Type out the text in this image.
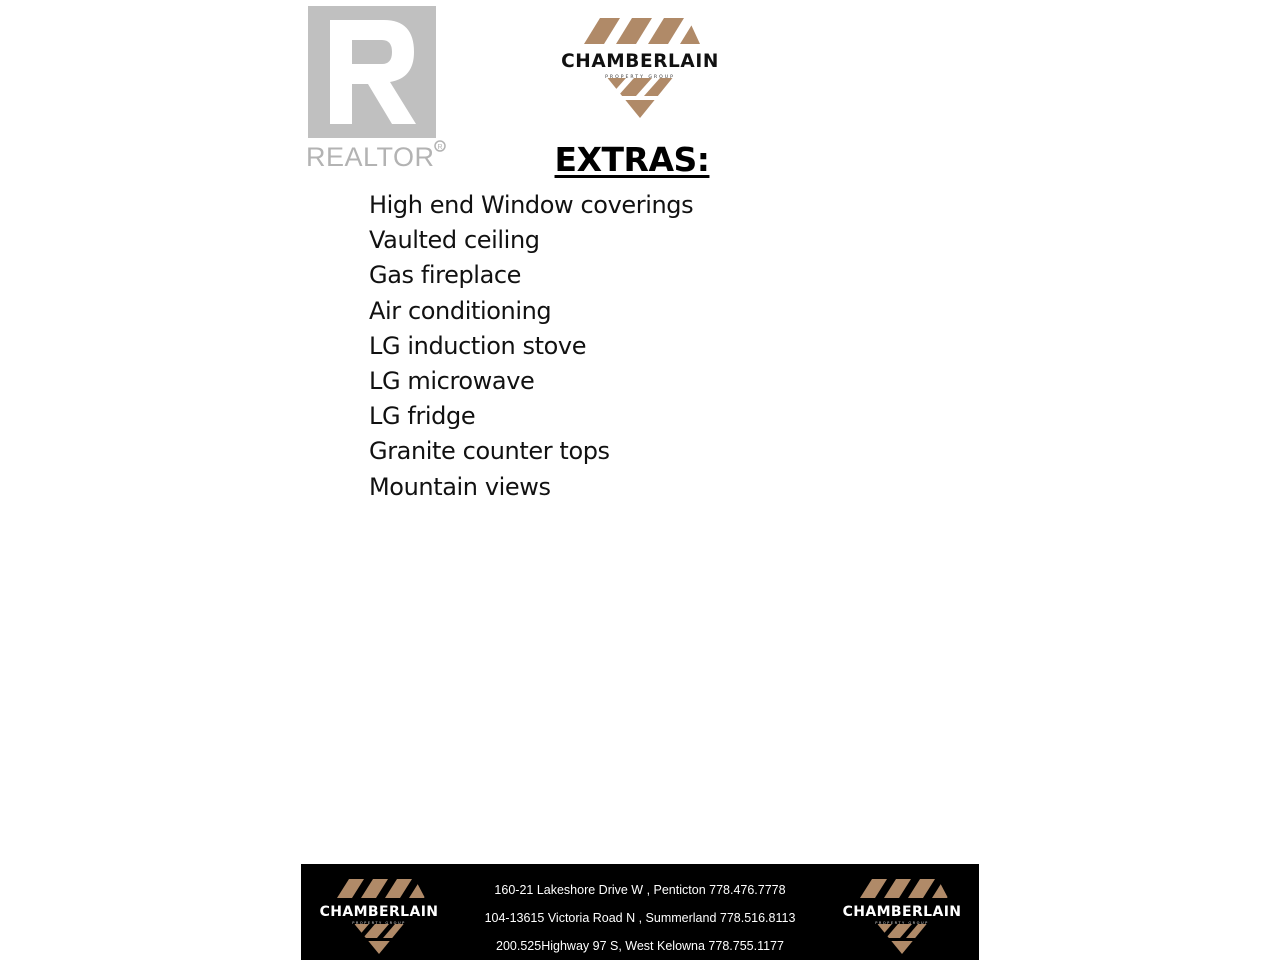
REALTOR R
CHAMBERLAIN
PROPERTY GROUP
EXTRAS:
High end Window coverings
Vaulted ceiling
Gas fireplace
Air conditioning
LG induction stove
LG microwave
LG fridge
Granite counter tops
Mountain views
CHAMBERLAIN
PROPERTY GROUP
160-21 Lakeshore Drive W , Penticton 778.476.7778
104-13615 Victoria Road N , Summerland 778.516.8113
200.525Highway 97 S, West Kelowna 778.755.1177
CHAMBERLAIN
PROPERTY GROUP
